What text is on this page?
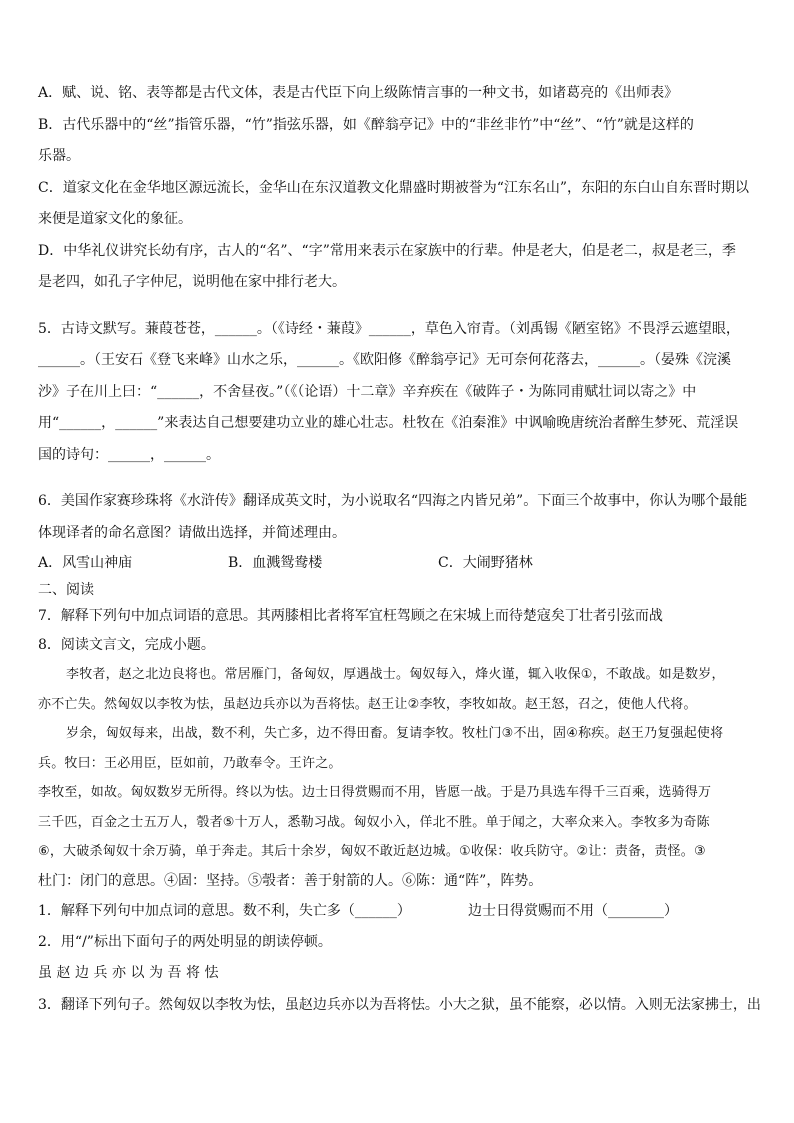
A．赋、说、铭、表等都是古代文体，表是古代臣下向上级陈情言事的一种文书，如诸葛亮的《出师表》
B．古代乐器中的“丝”指管乐器，“竹”指弦乐器，如《醉翁亭记》中的“非丝非竹”中“丝”、“竹”就是这样的
乐器。
C．道家文化在金华地区源远流长，金华山在东汉道教文化鼎盛时期被誉为“江东名山”，东阳的东白山自东晋时期以
来便是道家文化的象征。
D．中华礼仪讲究长幼有序，古人的“名”、“字”常用来表示在家族中的行辈。仲是老大，伯是老二，叔是老三，季
是老四，如孔子字仲尼，说明他在家中排行老大。
5．古诗文默写。蒹葭苍苍，______。（《诗经・蒹葭》______，草色入帘青。（刘禹锡《陋室铭》不畏浮云遮望眼，
______。（王安石《登飞来峰》山水之乐，______。《欧阳修《醉翁亭记》无可奈何花落去，______。（晏殊《浣溪
沙》子在川上曰：“______，不舍昼夜。”（《（论语）十二章》辛弃疾在《破阵子・为陈同甫赋壮词以寄之》中
用“______，______”来表达自己想要建功立业的雄心壮志。杜牧在《泊秦淮》中讽喻晚唐统治者醉生梦死、荒淫误
国的诗句：______，______。
6．美国作家赛珍珠将《水浒传》翻译成英文时，为小说取名“四海之内皆兄弟”。下面三个故事中，你认为哪个最能
体现译者的命名意图？请做出选择，并简述理由。
A．风雪山神庙	B．血溅鸳鸯楼	C．大闹野猪林
二、阅读
7．解释下列句中加点词语的意思。其两膝相比者将军宜枉驾顾之在宋城上而待楚寇矣丁壮者引弦而战
8．阅读文言文，完成小题。
李牧者，赵之北边良将也。常居雁门，备匈奴，厚遇战士。匈奴每入，烽火谨，辄入收保①，不敢战。如是数岁，
亦不亡失。然匈奴以李牧为怯，虽赵边兵亦以为吾将怯。赵王让②李牧，李牧如故。赵王怒，召之，使他人代将。
岁余，匈奴每来，出战，数不利，失亡多，边不得田畜。复请李牧。牧杜门③不出，固④称疾。赵王乃复强起使将
兵。牧曰：王必用臣，臣如前，乃敢奉令。王许之。
李牧至，如故。匈奴数岁无所得。终以为怯。边士日得赏赐而不用，皆愿一战。于是乃具选车得千三百乘，选骑得万
三千匹，百金之士五万人，彀者⑤十万人，悉勒习战。匈奴小入，佯北不胜。单于闻之，大率众来入。李牧多为奇陈
⑥，大破杀匈奴十余万骑，单于奔走。其后十余岁，匈奴不敢近赵边城。①收保：收兵防守。②让：责备，责怪。③
杜门：闭门的意思。④固：坚持。⑤彀者：善于射箭的人。⑥陈：通“阵”，阵势。
1．解释下列句中加点词的意思。数不利，失亡多（______）	边士日得赏赐而不用（________）
2．用“/”标出下面句子的两处明显的朗读停顿。
虽赵边兵亦以为吾将怯
3．翻译下列句子。然匈奴以李牧为怯，虽赵边兵亦以为吾将怯。小大之狱，虽不能察，必以情。入则无法家拂士，出
